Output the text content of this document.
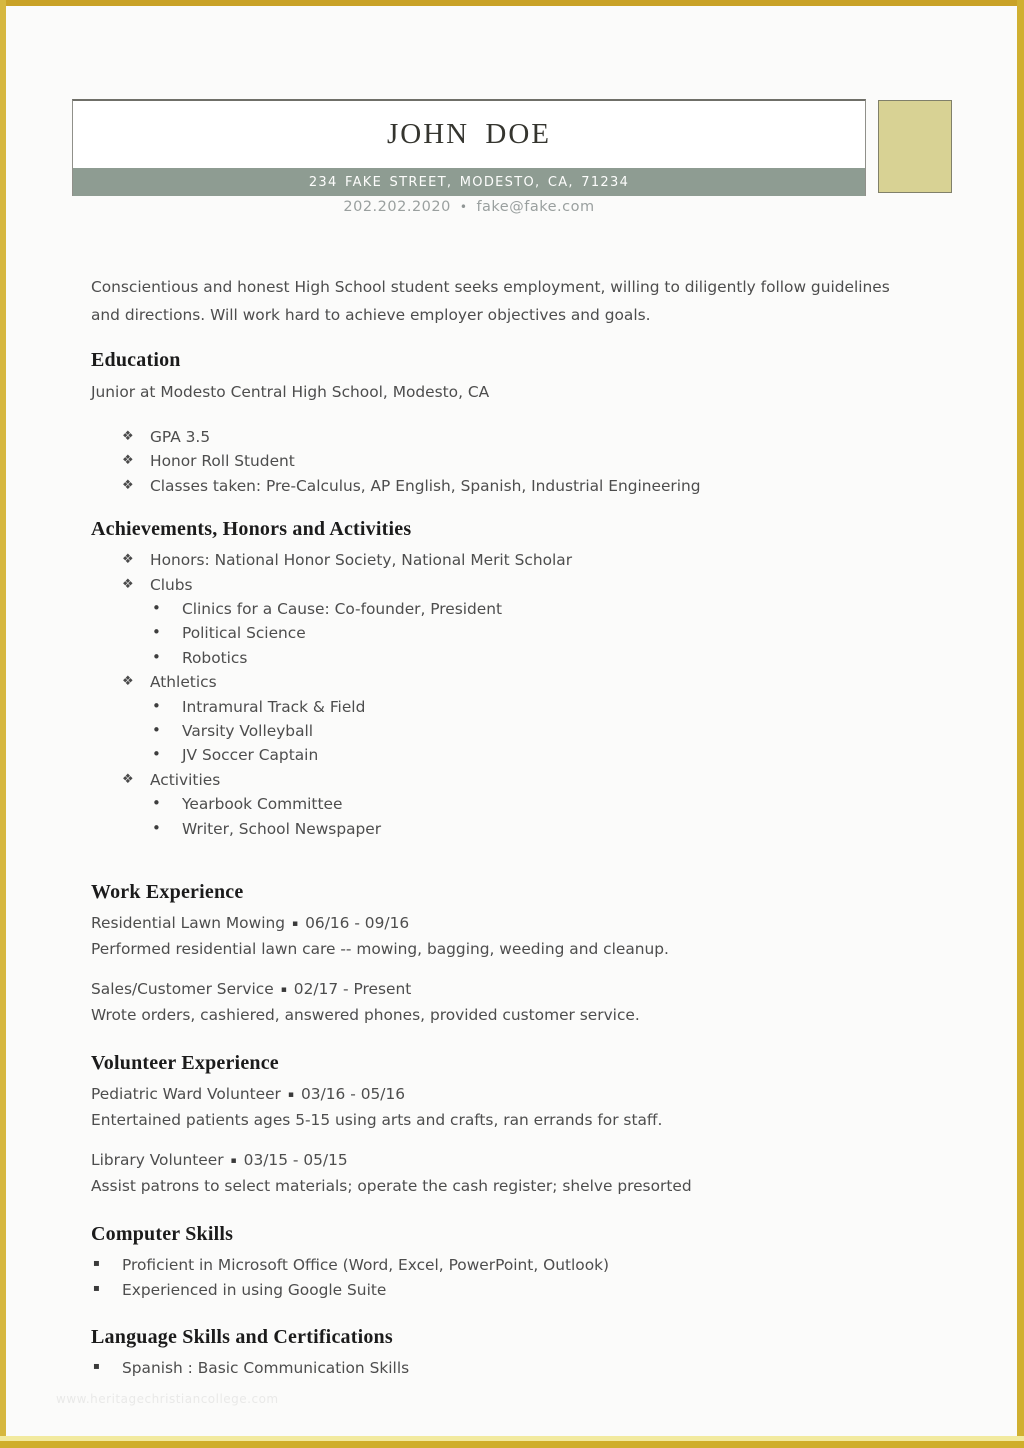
JOHN DOE
234 FAKE STREET, MODESTO, CA, 71234
202.202.2020 • fake@fake.com

Conscientious and honest High School student seeks employment, willing to diligently follow guidelines and directions. Will work hard to achieve employer objectives and goals.

Education

Junior at Modesto Central High School, Modesto, CA

❖ GPA 3.5
❖ Honor Roll Student
❖ Classes taken: Pre-Calculus, AP English, Spanish, Industrial Engineering
Achievements, Honors and Activities
❖ Honors: National Honor Society, National Merit Scholar
❖ Clubs
• Clinics for a Cause: Co-founder, President
• Political Science
• Robotics
❖ Athletics
• Intramural Track & Field
• Varsity Volleyball
• JV Soccer Captain
❖ Activities
• Yearbook Committee
• Writer, School Newspaper
Work Experience

Residential Lawn Mowing ▪ 06/16 - 09/16

Performed residential lawn care -- mowing, bagging, weeding and cleanup.

Sales/Customer Service ▪ 02/17 - Present

Wrote orders, cashiered, answered phones, provided customer service.

Volunteer Experience

Pediatric Ward Volunteer ▪ 03/16 - 05/16

Entertained patients ages 5-15 using arts and crafts, ran errands for staff.

Library Volunteer ▪ 03/15 - 05/15

Assist patrons to select materials; operate the cash register; shelve presorted

Computer Skills
▪ Proficient in Microsoft Office (Word, Excel, PowerPoint, Outlook)
▪ Experienced in using Google Suite
Language Skills and Certifications
▪ Spanish : Basic Communication Skills
www.heritagechristiancollege.com
